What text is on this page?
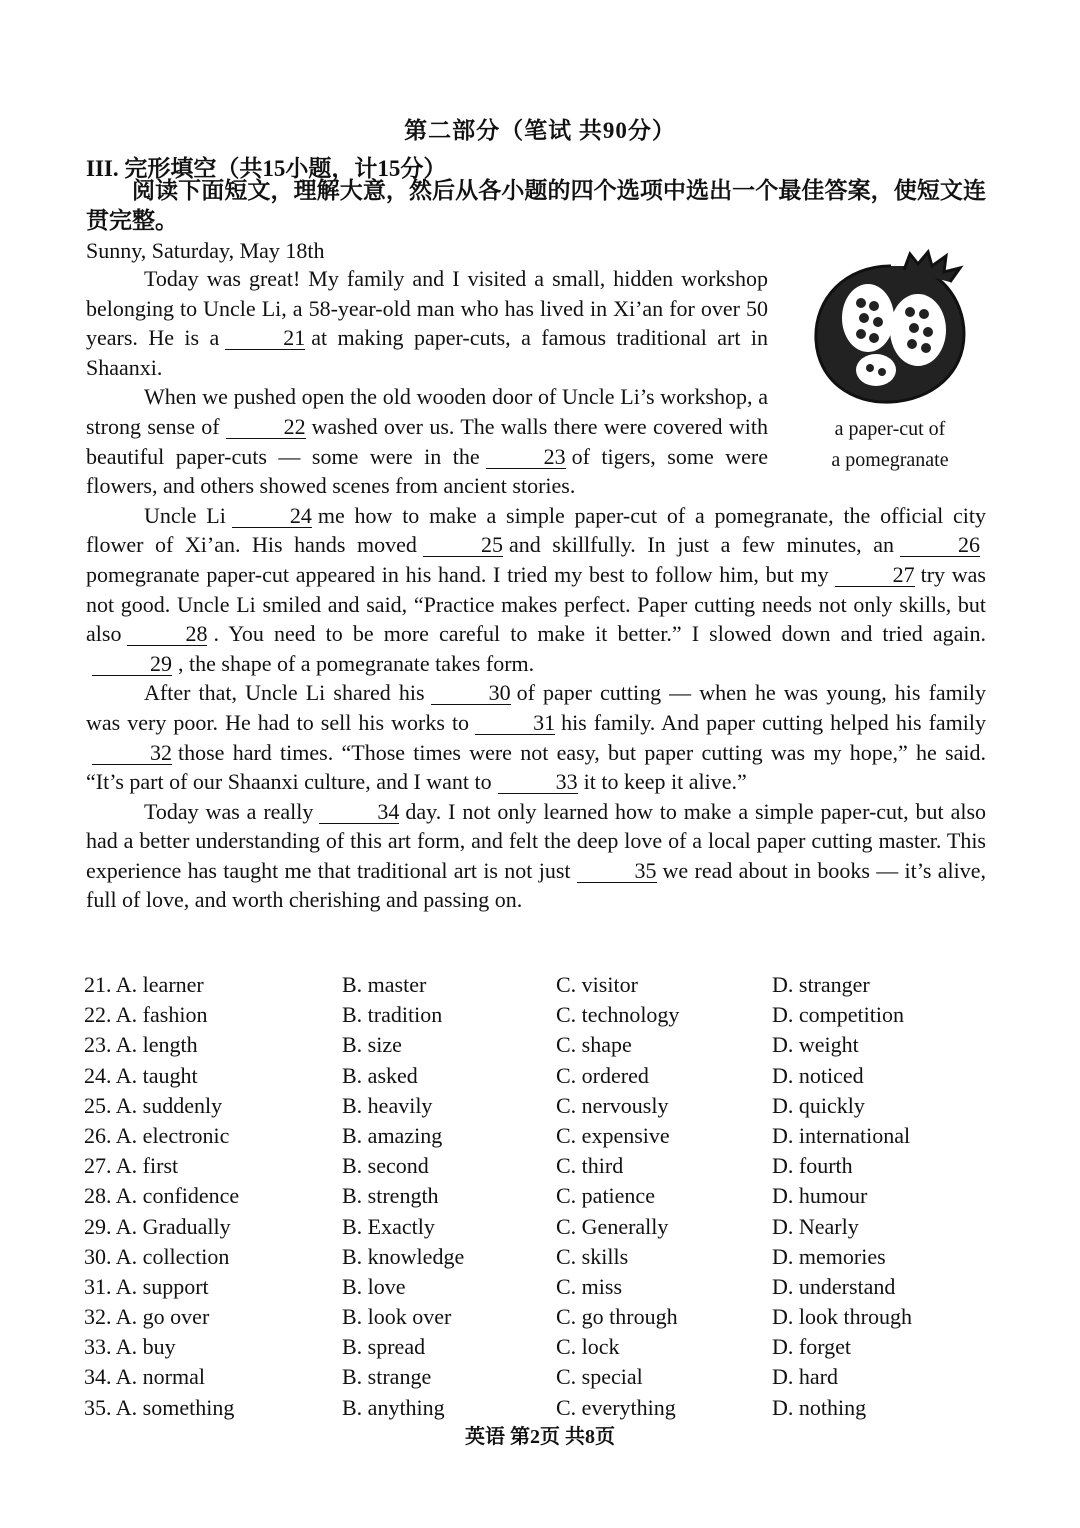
第二部分（笔试 共90分）
III. 完形填空（共15小题，计15分）
阅读下面短文，理解大意，然后从各小题的四个选项中选出一个最佳答案，使短文连贯完整。
Sunny, Saturday, May 18th

Today was great! My family and I visited a small, hidden workshop belonging to Uncle Li, a 58-year-old man who has lived in Xi’an for over 50 years. He is a	21 at making paper-cuts, a famous traditional art in Shaanxi.

When we pushed open the old wooden door of Uncle Li’s workshop, a strong sense of	22 washed over us. The walls there were covered with beautiful paper-cuts — some were in the	23 of tigers, some were flowers, and others showed scenes from ancient stories.

Uncle Li	24 me how to make a simple paper-cut of a pomegranate, the official city flower of Xi’an. His hands moved	25 and skillfully. In just a few minutes, an	26pomegranate paper-cut appeared in his hand. I tried my best to follow him, but my	27 try was not good. Uncle Li smiled and said, “Practice makes perfect. Paper cutting needs not only skills, but also	28 . You need to be more careful to make it better.” I slowed down and tried again.29 , the shape of a pomegranate takes form.

After that, Uncle Li shared his	30 of paper cutting — when he was young, his family was very poor. He had to sell his works to	31 his family. And paper cutting helped his family32 those hard times. “Those times were not easy, but paper cutting was my hope,” he said. “It’s part of our Shaanxi culture, and I want to	33 it to keep it alive.”

Today was a really	34 day. I not only learned how to make a simple paper-cut, but also had a better understanding of this art form, and felt the deep love of a local paper cutting master. This experience has taught me that traditional art is not just	35 we read about in books — it’s alive, full of love, and worth cherishing and passing on.

a paper-cut of
a pomegranate
21. A. learner	B. master	C. visitor	D. stranger
22. A. fashion	B. tradition	C. technology	D. competition
23. A. length	B. size	C. shape	D. weight
24. A. taught	B. asked	C. ordered	D. noticed
25. A. suddenly	B. heavily	C. nervously	D. quickly
26. A. electronic	B. amazing	C. expensive	D. international
27. A. first	B. second	C. third	D. fourth
28. A. confidence	B. strength	C. patience	D. humour
29. A. Gradually	B. Exactly	C. Generally	D. Nearly
30. A. collection	B. knowledge	C. skills	D. memories
31. A. support	B. love	C. miss	D. understand
32. A. go over	B. look over	C. go through	D. look through
33. A. buy	B. spread	C. lock	D. forget
34. A. normal	B. strange	C. special	D. hard
35. A. something	B. anything	C. everything	D. nothing
英语 第2页 共8页
